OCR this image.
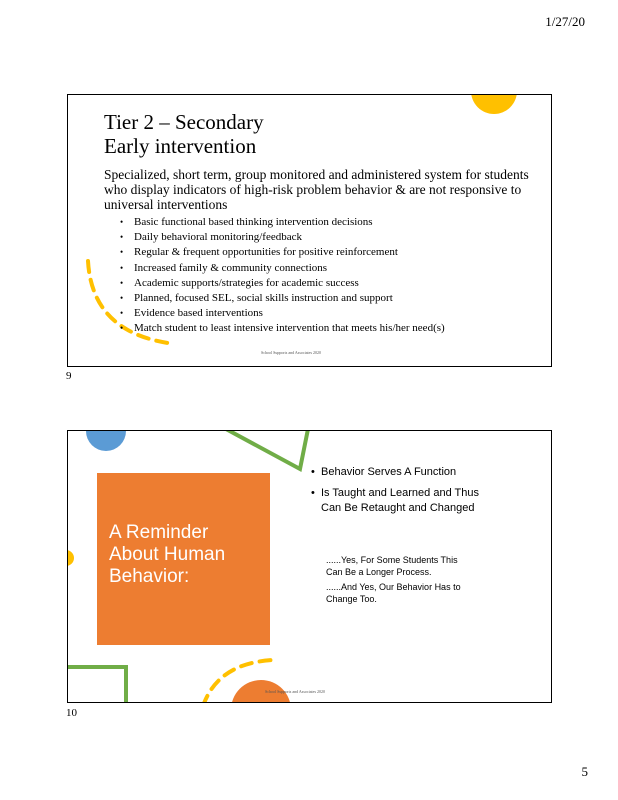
1/27/20
Tier 2 – Secondary
Early intervention
Specialized, short term, group monitored and administered system for students who display indicators of high-risk problem behavior & are not responsive to universal interventions
• Basic functional based thinking intervention decisions
• Daily behavioral monitoring/feedback
• Regular & frequent opportunities for positive reinforcement
• Increased family & community connections
• Academic supports/strategies for academic success
• Planned, focused SEL, social skills instruction and support
• Evidence based interventions
• Match student to least intensive intervention that meets his/her need(s)
School Supports and Associates 2020
9
A Reminder About Human Behavior:
• Behavior Serves A Function
• Is Taught and Learned and Thus Can Be Retaught and Changed

......Yes, For Some Students This Can Be a Longer Process.

......And Yes, Our Behavior Has to Change Too.

School Supports and Associates 2020
10
5
